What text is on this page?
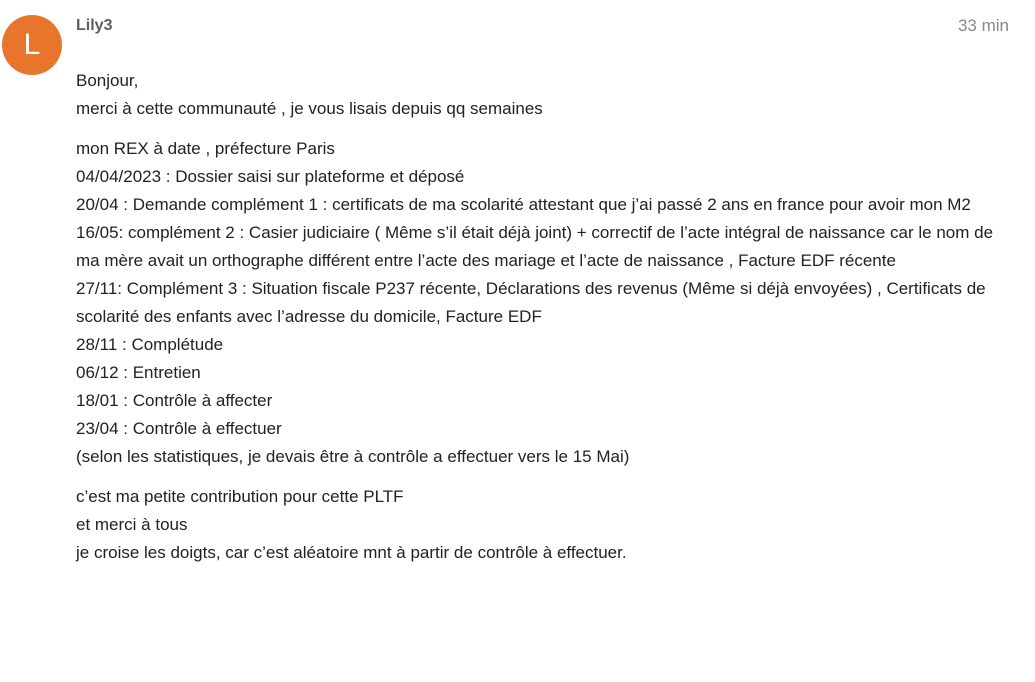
L
Lily3	33 min

Bonjour,
merci à cette communauté , je vous lisais depuis qq semaines

mon REX à date , préfecture Paris
04/04/2023 : Dossier saisi sur plateforme et déposé
20/04 : Demande complément 1 : certificats de ma scolarité attestant que j’ai passé 2 ans en france pour avoir mon M2
16/05: complément 2 : Casier judiciaire ( Même s’il était déjà joint) + correctif de l’acte intégral de naissance car le nom de ma mère avait un orthographe différent entre l’acte des mariage et l’acte de naissance , Facture EDF récente
27/11: Complément 3 : Situation fiscale P237 récente, Déclarations des revenus (Même si déjà envoyées) , Certificats de scolarité des enfants avec l’adresse du domicile, Facture EDF
28/11 : Complétude
06/12 : Entretien
18/01 : Contrôle à affecter
23/04 : Contrôle à effectuer
(selon les statistiques, je devais être à contrôle a effectuer vers le 15 Mai)

c’est ma petite contribution pour cette PLTF
et merci à tous
je croise les doigts, car c’est aléatoire mnt à partir de contrôle à effectuer.
